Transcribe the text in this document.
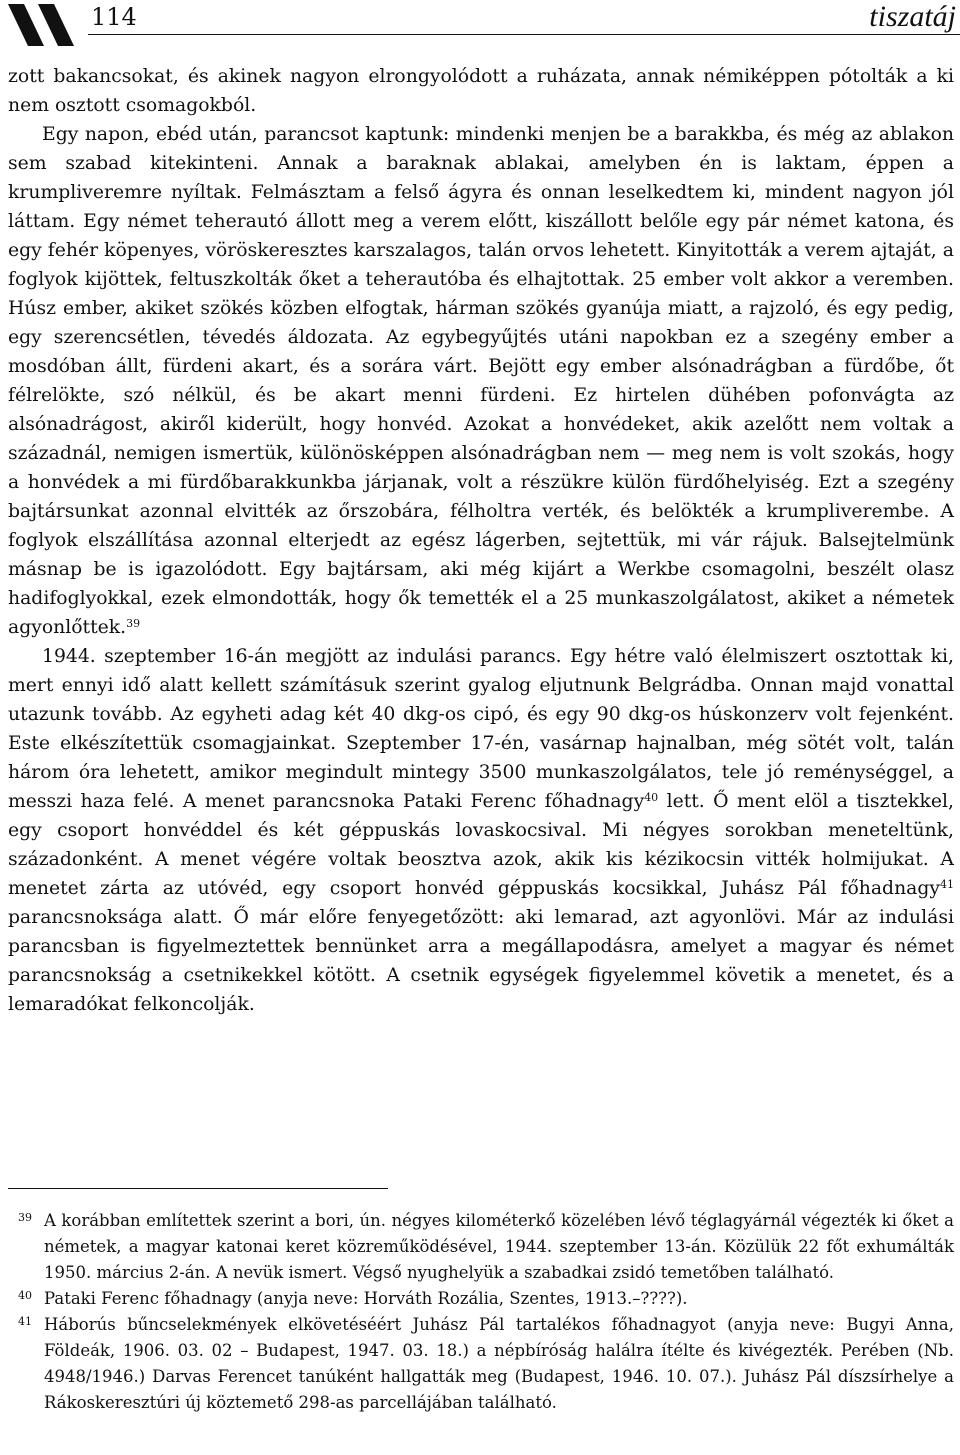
114	tiszatáj

zott bakancsokat, és akinek nagyon elrongyolódott a ruházata, annak némiképpen pótolták a ki nem osztott csomagokból.

Egy napon, ebéd után, parancsot kaptunk: mindenki menjen be a barakkba, és még az ablakon sem szabad kitekinteni. Annak a baraknak ablakai, amelyben én is laktam, éppen a krumpliveremre nyíltak. Felmásztam a felső ágyra és onnan leselkedtem ki, mindent nagyon jól láttam. Egy német teherautó állott meg a verem előtt, kiszállott belőle egy pár német katona, és egy fehér köpenyes, vöröskeresztes karszalagos, talán orvos lehetett. Kinyitották a verem ajtaját, a foglyok kijöttek, feltuszkolták őket a teherautóba és elhajtottak. 25 ember volt akkor a veremben. Húsz ember, akiket szökés közben elfogtak, hárman szökés gyanúja miatt, a rajzoló, és egy pedig, egy szerencsétlen, tévedés áldozata. Az egybegyűjtés utáni napokban ez a szegény ember a mosdóban állt, fürdeni akart, és a sorára várt. Bejött egy ember alsónadrágban a fürdőbe, őt félrelökte, szó nélkül, és be akart menni fürdeni. Ez hirtelen dühében pofonvágta az alsónadrágost, akiről kiderült, hogy honvéd. Azokat a honvédeket, akik azelőtt nem voltak a századnál, nemigen ismertük, különösképpen alsónadrágban nem — meg nem is volt szokás, hogy a honvédek a mi fürdőbarakkunkba járjanak, volt a részükre külön fürdőhelyiség. Ezt a szegény bajtársunkat azonnal elvitték az őrszobára, félholtra verték, és belökték a krumpliverembe. A foglyok elszállítása azonnal elterjedt az egész lágerben, sejtettük, mi vár rájuk. Balsejtelmünk másnap be is igazolódott. Egy bajtársam, aki még kijárt a Werkbe csomagolni, beszélt olasz hadifoglyokkal, ezek elmondották, hogy ők temették el a 25 munkaszolgálatost, akiket a németek agyonlőttek.$^{39}$

1944. szeptember 16-án megjött az indulási parancs. Egy hétre való élelmiszert osztottak ki, mert ennyi idő alatt kellett számításuk szerint gyalog eljutnunk Belgrádba. Onnan majd vonattal utazunk tovább. Az egyheti adag két 40 dkg-os cipó, és egy 90 dkg-os húskonzerv volt fejenként. Este elkészítettük csomagjainkat. Szeptember 17-én, vasárnap hajnalban, még sötét volt, talán három óra lehetett, amikor megindult mintegy 3500 munkaszolgálatos, tele jó reménységgel, a messzi haza felé. A menet parancsnoka Pataki Ferenc főhadnagy$^{40}$ lett. Ő ment elöl a tisztekkel, egy csoport honvéddel és két géppuskás lovaskocsival. Mi négyes sorokban meneteltünk, századonként. A menet végére voltak beosztva azok, akik kis kézikocsin vitték holmijukat. A menetet zárta az utóvéd, egy csoport honvéd géppuskás kocsikkal, Juhász Pál főhadnagy$^{41}$ parancsnoksága alatt. Ő már előre fenyegetőzött: aki lemarad, azt agyonlövi. Már az indulási parancsban is figyelmeztettek bennünket arra a megállapodásra, amelyet a magyar és német parancsnokság a csetnikekkel kötött. A csetnik egységek figyelemmel követik a menetet, és a lemaradókat felkoncolják.

39 A korábban említettek szerint a bori, ún. négyes kilométerkő közelében lévő téglagyárnál végezték ki őket a németek, a magyar katonai keret közreműködésével, 1944. szeptember 13-án. Közülük 22 főt exhumálták 1950. március 2-án. A nevük ismert. Végső nyughelyük a szabadkai zsidó temetőben található.

40 Pataki Ferenc főhadnagy (anyja neve: Horváth Rozália, Szentes, 1913.–????).

41 Háborús bűncselekmények elkövetéséért Juhász Pál tartalékos főhadnagyot (anyja neve: Bugyi Anna, Földeák, 1906. 03. 02 – Budapest, 1947. 03. 18.) a népbíróság halálra ítélte és kivégezték. Perében (Nb. 4948/1946.) Darvas Ferencet tanúként hallgatták meg (Budapest, 1946. 10. 07.). Juhász Pál díszsírhelye a Rákoskeresztúri új köztemető 298-as parcellájában található.
